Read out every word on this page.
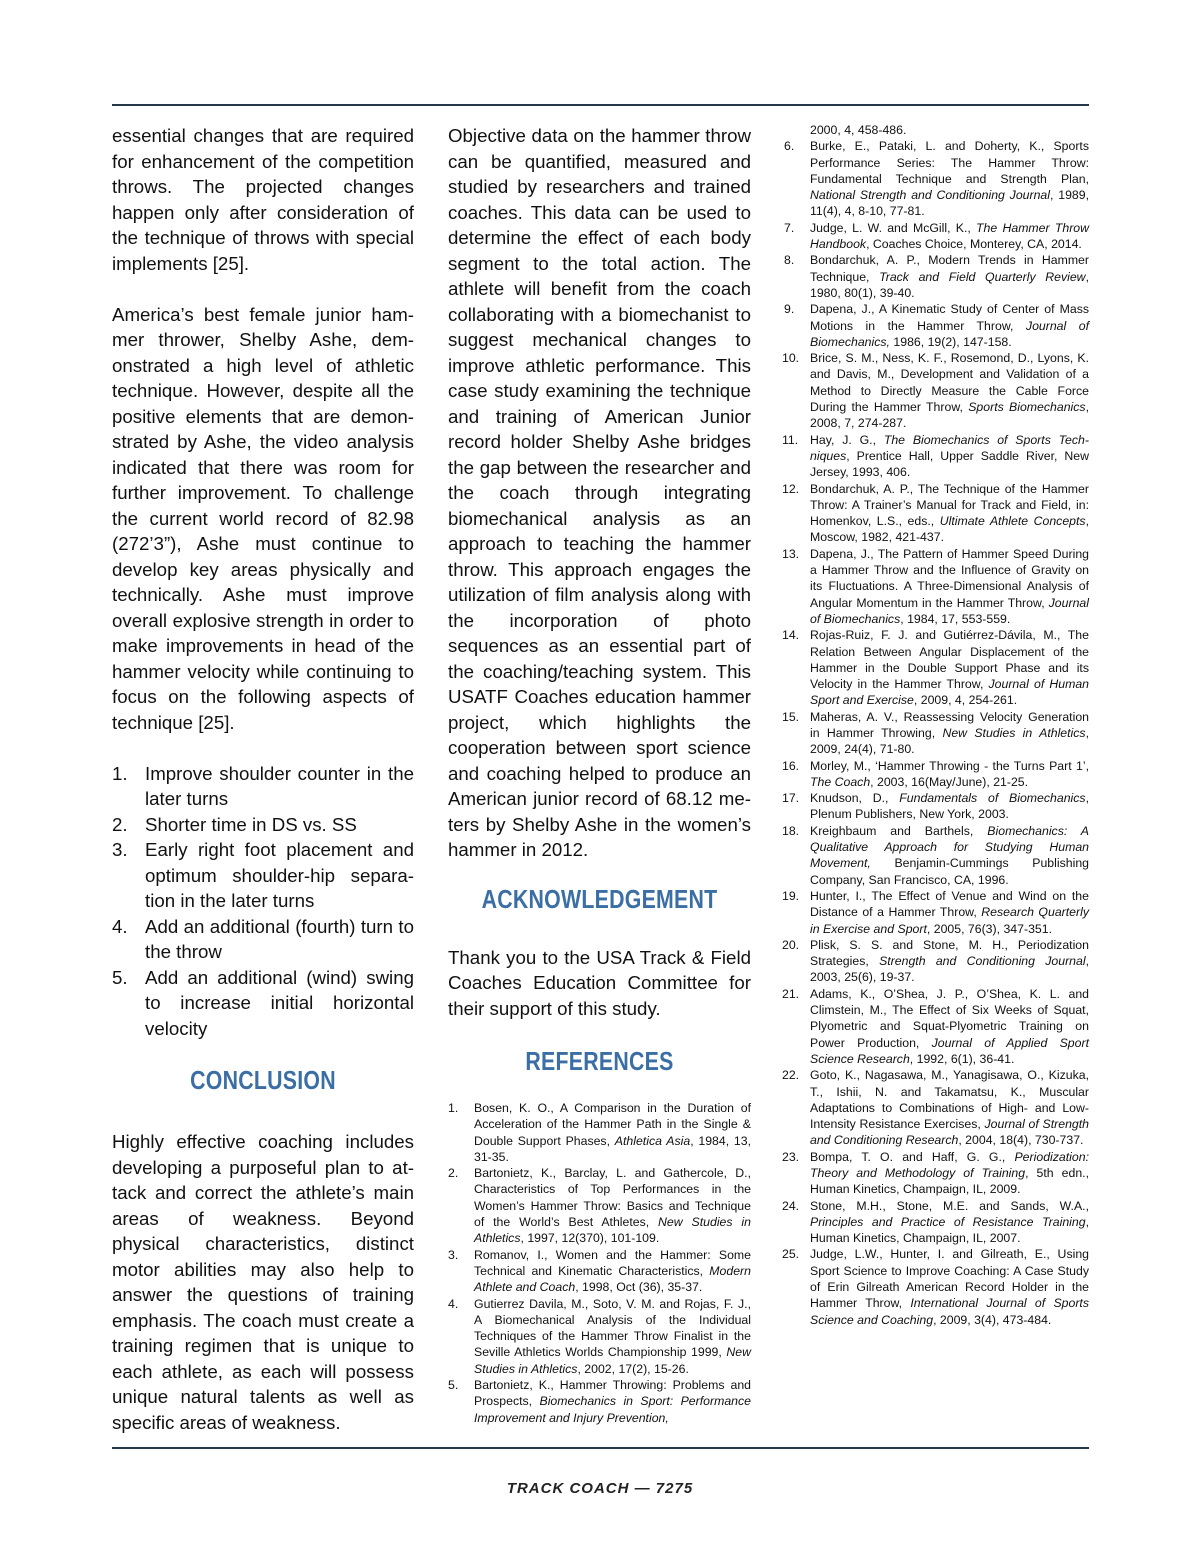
essential changes that are required for enhancement of the competition throws. The projected changes happen only after consideration of the technique of throws with special implements [25].

America’s best female junior hammer thrower, Shelby Ashe, demonstrated a high level of athletic technique. However, despite all the positive elements that are demonstrated by Ashe, the video analysis indicated that there was room for further improvement. To challenge the current world record of 82.98 (272’3”), Ashe must continue to develop key areas physically and technically. Ashe must improve overall explosive strength in order to make improvements in head of the hammer velocity while continuing to focus on the following aspects of technique [25].

1. Improve shoulder counter in the later turns
2. Shorter time in DS vs. SS
3. Early right foot placement and optimum shoulder-hip separation in the later turns
4. Add an additional (fourth) turn to the throw
5. Add an additional (wind) swing to increase initial horizontal velocity
CONCLUSION

Highly effective coaching includes developing a purposeful plan to attack and correct the athlete’s main areas of weakness. Beyond physical characteristics, distinct motor abilities may also help to answer the questions of training emphasis. The coach must create a training regimen that is unique to each athlete, as each will possess unique natural talents as well as specific areas of weakness.

Objective data on the hammer throw can be quantified, measured and studied by researchers and trained coaches. This data can be used to determine the effect of each body segment to the total action. The athlete will benefit from the coach collaborating with a biomechanist to suggest mechanical changes to improve athletic performance. This case study examining the technique and training of American Junior record holder Shelby Ashe bridges the gap between the researcher and the coach through integrating biomechanical analysis as an approach to teaching the hammer throw. This approach engages the utilization of film analysis along with the incorporation of photo sequences as an essential part of the coaching/teaching system. This USATF Coaches education hammer project, which highlights the cooperation between sport science and coaching helped to produce an American junior record of 68.12 meters by Shelby Ashe in the women’s hammer in 2012.

ACKNOWLEDGEMENT

Thank you to the USA Track & Field Coaches Education Committee for their support of this study.

REFERENCES
1. Bosen, K. O., A Comparison in the Duration of Acceleration of the Hammer Path in the Single & Double Support Phases, Athletica Asia, 1984, 13, 31-35.
2. Bartonietz, K., Barclay, L. and Gathercole, D., Characteristics of Top Performances in the Women’s Hammer Throw: Basics and Technique of the World’s Best Athletes, New Studies in Athletics, 1997, 12(370), 101-109.
3. Romanov, I., Women and the Hammer: Some Technical and Kinematic Characteristics, Modern Athlete and Coach, 1998, Oct (36), 35-37.
4. Gutierrez Davila, M., Soto, V. M. and Rojas, F. J., A Biomechanical Analysis of the Individual Techniques of the Hammer Throw Finalist in the Seville Athletics Worlds Championship 1999, New Studies in Athletics, 2002, 17(2), 15-26.
5. Bartonietz, K., Hammer Throwing: Problems and Prospects, Biomechanics in Sport: Performance Improvement and Injury Prevention,
2000, 4, 458-486.
6. Burke, E., Pataki, L. and Doherty, K., Sports Performance Series: The Hammer Throw: Fundamental Technique and Strength Plan, National Strength and Conditioning Journal, 1989, 11(4), 4, 8-10, 77-81.
7. Judge, L. W. and McGill, K., The Hammer Throw Handbook, Coaches Choice, Monterey, CA, 2014.
8. Bondarchuk, A. P., Modern Trends in Hammer Technique, Track and Field Quarterly Review, 1980, 80(1), 39-40.
9. Dapena, J., A Kinematic Study of Center of Mass Motions in the Hammer Throw, Journal of Biomechanics, 1986, 19(2), 147-158.
10. Brice, S. M., Ness, K. F., Rosemond, D., Lyons, K. and Davis, M., Development and Validation of a Method to Directly Measure the Cable Force During the Hammer Throw, Sports Biomechanics, 2008, 7, 274-287.
11. Hay, J. G., The Biomechanics of Sports Techniques, Prentice Hall, Upper Saddle River, New Jersey, 1993, 406.
12. Bondarchuk, A. P., The Technique of the Hammer Throw: A Trainer’s Manual for Track and Field, in: Homenkov, L.S., eds., Ultimate Athlete Concepts, Moscow, 1982, 421-437.
13. Dapena, J., The Pattern of Hammer Speed During a Hammer Throw and the Influence of Gravity on its Fluctuations. A Three-Dimensional Analysis of Angular Momentum in the Hammer Throw, Journal of Biomechanics, 1984, 17, 553-559.
14. Rojas-Ruiz, F. J. and Gutiérrez-Dávila, M., The Relation Between Angular Displacement of the Hammer in the Double Support Phase and its Velocity in the Hammer Throw, Journal of Human Sport and Exercise, 2009, 4, 254-261.
15. Maheras, A. V., Reassessing Velocity Generation in Hammer Throwing, New Studies in Athletics, 2009, 24(4), 71-80.
16. Morley, M., ‘Hammer Throwing - the Turns Part 1’, The Coach, 2003, 16(May/June), 21-25.
17. Knudson, D., Fundamentals of Biomechanics, Plenum Publishers, New York, 2003.
18. Kreighbaum and Barthels, Biomechanics: A Qualitative Approach for Studying Human Movement, Benjamin-Cummings Publishing Company, San Francisco, CA, 1996.
19. Hunter, I., The Effect of Venue and Wind on the Distance of a Hammer Throw, Research Quarterly in Exercise and Sport, 2005, 76(3), 347-351.
20. Plisk, S. S. and Stone, M. H., Periodization Strategies, Strength and Conditioning Journal, 2003, 25(6), 19-37.
21. Adams, K., O’Shea, J. P., O’Shea, K. L. and Climstein, M., The Effect of Six Weeks of Squat, Plyometric and Squat-Plyometric Training on Power Production, Journal of Applied Sport Science Research, 1992, 6(1), 36-41.
22. Goto, K., Nagasawa, M., Yanagisawa, O., Kizuka, T., Ishii, N. and Takamatsu, K., Muscular Adaptations to Combinations of High- and Low-Intensity Resistance Exercises, Journal of Strength and Conditioning Research, 2004, 18(4), 730-737.
23. Bompa, T. O. and Haff, G. G., Periodization: Theory and Methodology of Training, 5th edn., Human Kinetics, Champaign, IL, 2009.
24. Stone, M.H., Stone, M.E. and Sands, W.A., Principles and Practice of Resistance Training, Human Kinetics, Champaign, IL, 2007.
25. Judge, L.W., Hunter, I. and Gilreath, E., Using Sport Science to Improve Coaching: A Case Study of Erin Gilreath American Record Holder in the Hammer Throw, International Journal of Sports Science and Coaching, 2009, 3(4), 473-484.
TRACK COACH — 7275
